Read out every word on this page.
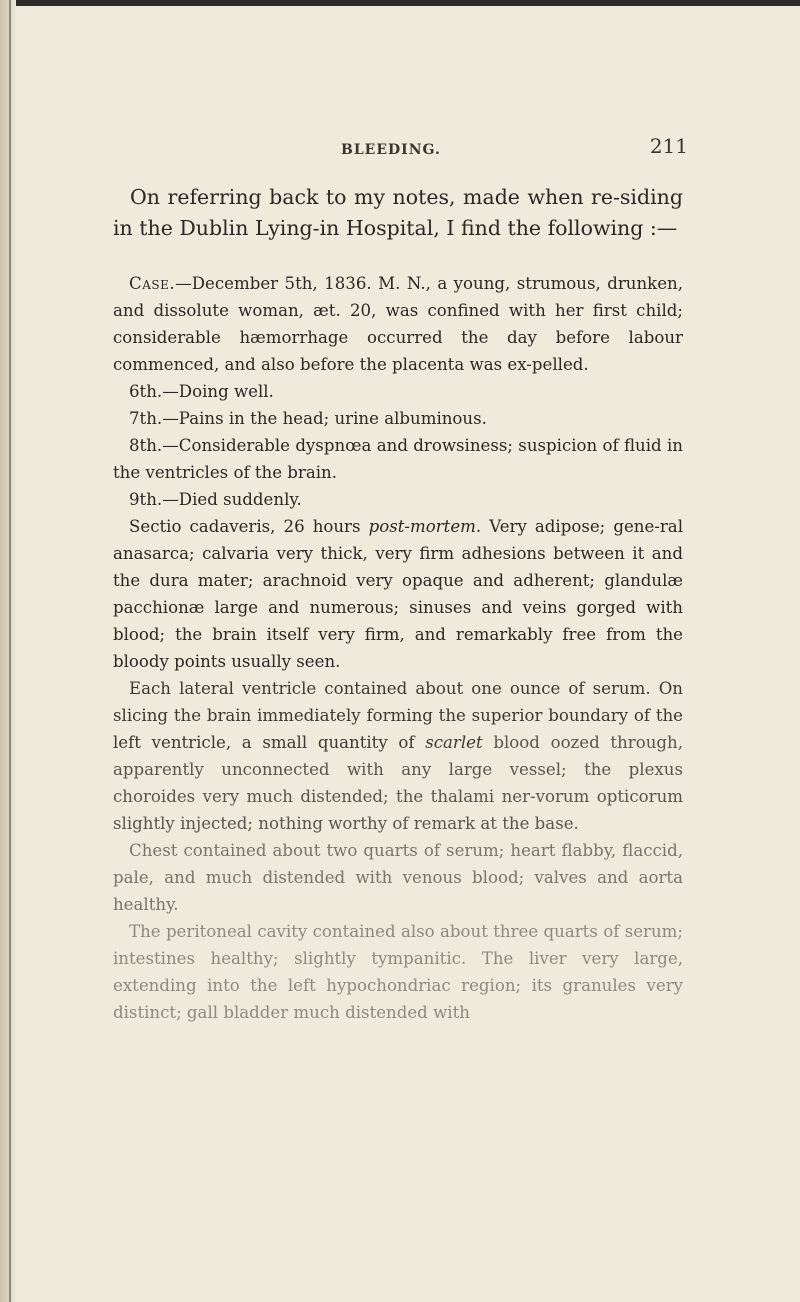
BLEEDING.	211

On referring back to my notes, made when re-siding in the Dublin Lying-in Hospital, I find the following :—

Case.—December 5th, 1836. M. N., a young, strumous, drunken, and dissolute woman, æt. 20, was confined with her first child; considerable hæmorrhage occurred the day before labour commenced, and also before the placenta was ex-pelled.

6th.—Doing well.

7th.—Pains in the head; urine albuminous.

8th.—Considerable dyspnœa and drowsiness; suspicion of fluid in the ventricles of the brain.

9th.—Died suddenly.

Sectio cadaveris, 26 hours post-mortem. Very adipose; gene-ral anasarca; calvaria very thick, very firm adhesions between it and the dura mater; arachnoid very opaque and adherent; glandulæ pacchionæ large and numerous; sinuses and veins gorged with blood; the brain itself very firm, and remarkably free from the bloody points usually seen.

Each lateral ventricle contained about one ounce of serum. On slicing the brain immediately forming the superior boundary of the left ventricle, a small quantity of scarlet blood oozed through, apparently unconnected with any large vessel; the plexus choroides very much distended; the thalami ner-vorum opticorum slightly injected; nothing worthy of remark at the base.

Chest contained about two quarts of serum; heart flabby, flaccid, pale, and much distended with venous blood; valves and aorta healthy.

The peritoneal cavity contained also about three quarts of serum; intestines healthy; slightly tympanitic. The liver very large, extending into the left hypochondriac region; its granules very distinct; gall bladder much distended with
